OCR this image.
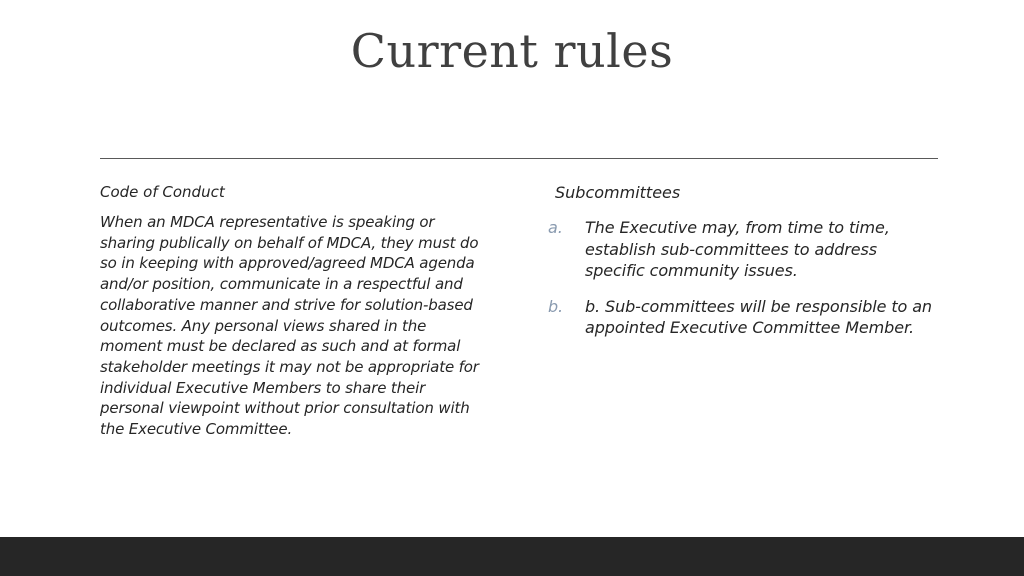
Current rules

Code of Conduct

When an MDCA representative is speaking or sharing publically on behalf of MDCA, they must do so in keeping with approved/agreed MDCA agenda and/or position, communicate in a respectful and collaborative manner and strive for solution-based outcomes. Any personal views shared in the moment must be declared as such and at formal stakeholder meetings it may not be appropriate for individual Executive Members to share their personal viewpoint without prior consultation with the Executive Committee.

Subcommittees

a. The Executive may, from time to time, establish sub-committees to address specific community issues.
b. b. Sub-committees will be responsible to an appointed Executive Committee Member.
